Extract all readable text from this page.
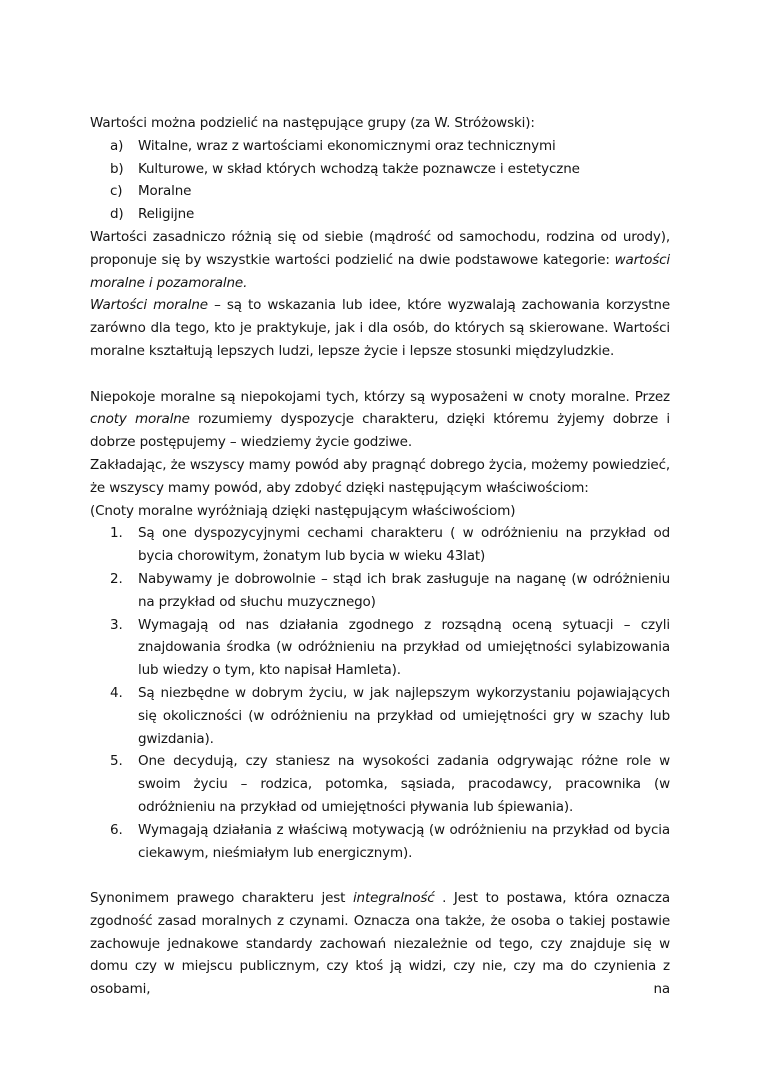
Wartości można podzielić na następujące grupy (za W. Stróżowski):

a) Witalne, wraz z wartościami ekonomicznymi oraz technicznymi
b) Kulturowe, w skład których wchodzą także poznawcze i estetyczne
c) Moralne
d) Religijne

Wartości zasadniczo różnią się od siebie (mądrość od samochodu, rodzina od urody), proponuje się by wszystkie wartości podzielić na dwie podstawowe kategorie: wartości moralne i pozamoralne.

Wartości moralne – są to wskazania lub idee, które wyzwalają zachowania korzystne zarówno dla tego, kto je praktykuje, jak i dla osób, do których są skierowane. Wartości moralne kształtują lepszych ludzi, lepsze życie i lepsze stosunki międzyludzkie.

Niepokoje moralne są niepokojami tych, którzy są wyposażeni w cnoty moralne. Przez cnoty moralne rozumiemy dyspozycje charakteru, dzięki któremu żyjemy dobrze i dobrze postępujemy – wiedziemy życie godziwe.

Zakładając, że wszyscy mamy powód aby pragnąć dobrego życia, możemy powiedzieć, że wszyscy mamy powód, aby zdobyć dzięki następującym właściwościom:

(Cnoty moralne wyróżniają dzięki następującym właściwościom)

1. Są one dyspozycyjnymi cechami charakteru ( w odróżnieniu na przykład od bycia chorowitym, żonatym lub bycia w wieku 43lat)
2. Nabywamy je dobrowolnie – stąd ich brak zasługuje na naganę (w odróżnieniu na przykład od słuchu muzycznego)
3. Wymagają od nas działania zgodnego z rozsądną oceną sytuacji – czyli znajdowania środka (w odróżnieniu na przykład od umiejętności sylabizowania lub wiedzy o tym, kto napisał Hamleta).
4. Są niezbędne w dobrym życiu, w jak najlepszym wykorzystaniu pojawiających się okoliczności (w odróżnieniu na przykład od umiejętności gry w szachy lub gwizdania).
5. One decydują, czy staniesz na wysokości zadania odgrywając różne role w swoim życiu – rodzica, potomka, sąsiada, pracodawcy, pracownika (w odróżnieniu na przykład od umiejętności pływania lub śpiewania).
6. Wymagają działania z właściwą motywacją (w odróżnieniu na przykład od bycia ciekawym, nieśmiałym lub energicznym).

Synonimem prawego charakteru jest integralność . Jest to postawa, która oznacza zgodność zasad moralnych z czynami. Oznacza ona także, że osoba o takiej postawie zachowuje jednakowe standardy zachowań niezależnie od tego, czy znajduje się w domu czy w miejscu publicznym, czy ktoś ją widzi, czy nie, czy ma do czynienia z osobami, na
